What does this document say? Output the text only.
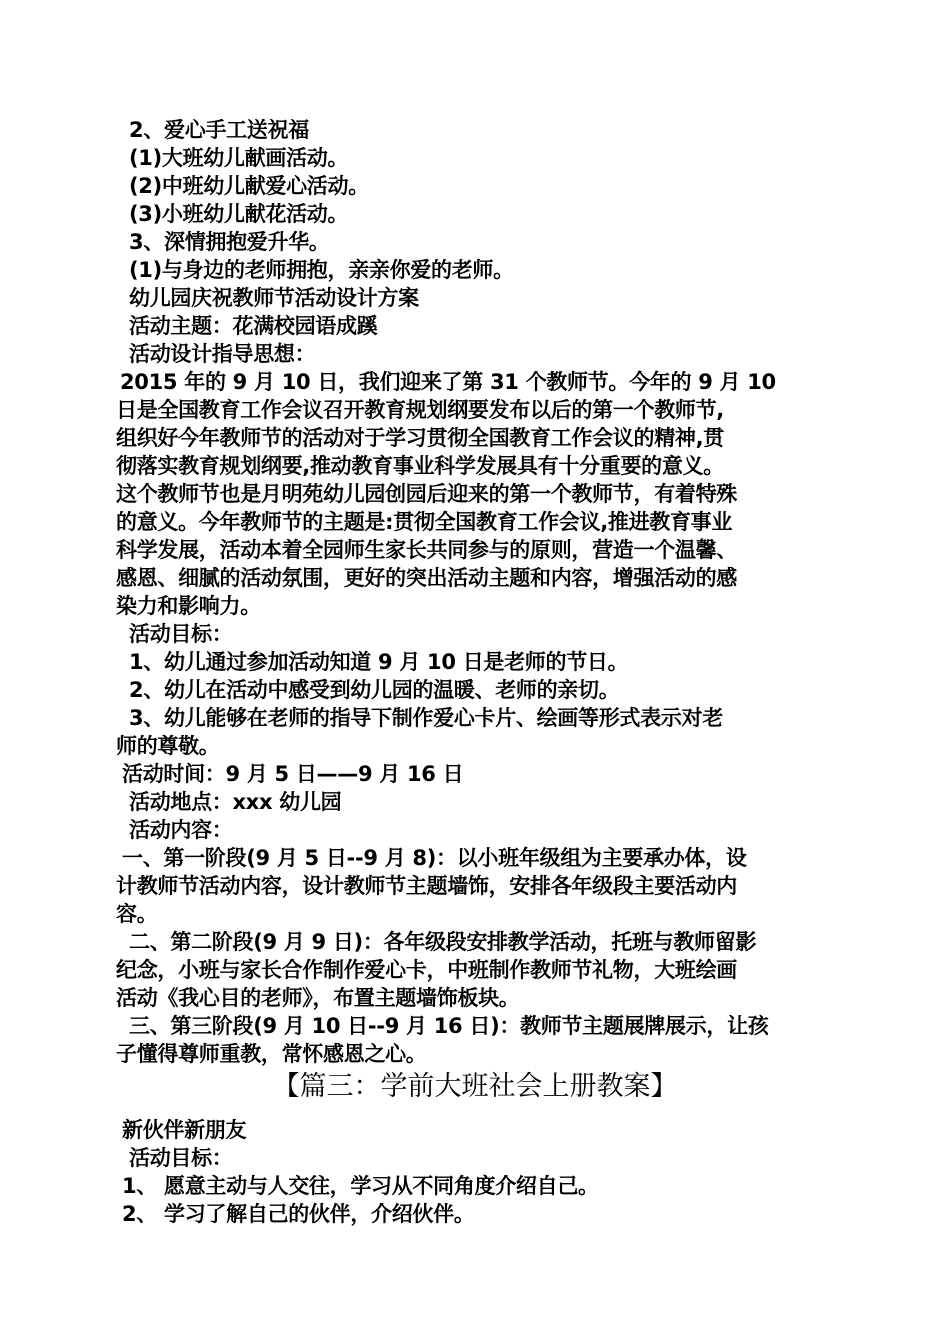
2、爱心手工送祝福
(1)大班幼儿献画活动。
(2)中班幼儿献爱心活动。
(3)小班幼儿献花活动。
3、深情拥抱爱升华。
(1)与身边的老师拥抱，亲亲你爱的老师。
幼儿园庆祝教师节活动设计方案
活动主题：花满校园语成蹊
活动设计指导思想：
2015 年的 9 月 10 日，我们迎来了第 31 个教师节。今年的 9 月 10
日是全国教育工作会议召开教育规划纲要发布以后的第一个教师节,
组织好今年教师节的活动对于学习贯彻全国教育工作会议的精神,贯
彻落实教育规划纲要,推动教育事业科学发展具有十分重要的意义。
这个教师节也是月明苑幼儿园创园后迎来的第一个教师节，有着特殊
的意义。今年教师节的主题是:贯彻全国教育工作会议,推进教育事业
科学发展，活动本着全园师生家长共同参与的原则，营造一个温馨、
感恩、细腻的活动氛围，更好的突出活动主题和内容，增强活动的感
染力和影响力。
活动目标：
1、幼儿通过参加活动知道 9 月 10 日是老师的节日。
2、幼儿在活动中感受到幼儿园的温暖、老师的亲切。
3、幼儿能够在老师的指导下制作爱心卡片、绘画等形式表示对老
师的尊敬。
活动时间：9 月 5 日——9 月 16 日
活动地点：xxx 幼儿园
活动内容：
一、第一阶段(9 月 5 日--9 月 8)：以小班年级组为主要承办体，设
计教师节活动内容，设计教师节主题墙饰，安排各年级段主要活动内
容。
二、第二阶段(9 月 9 日)：各年级段安排教学活动，托班与教师留影
纪念，小班与家长合作制作爱心卡，中班制作教师节礼物，大班绘画
活动《我心目的老师》，布置主题墙饰板块。
三、第三阶段(9 月 10 日--9 月 16 日)：教师节主题展牌展示，让孩
子懂得尊师重教，常怀感恩之心。
【篇三：学前大班社会上册教案】
新伙伴新朋友
活动目标：
1、 愿意主动与人交往，学习从不同角度介绍自己。
2、 学习了解自己的伙伴，介绍伙伴。
